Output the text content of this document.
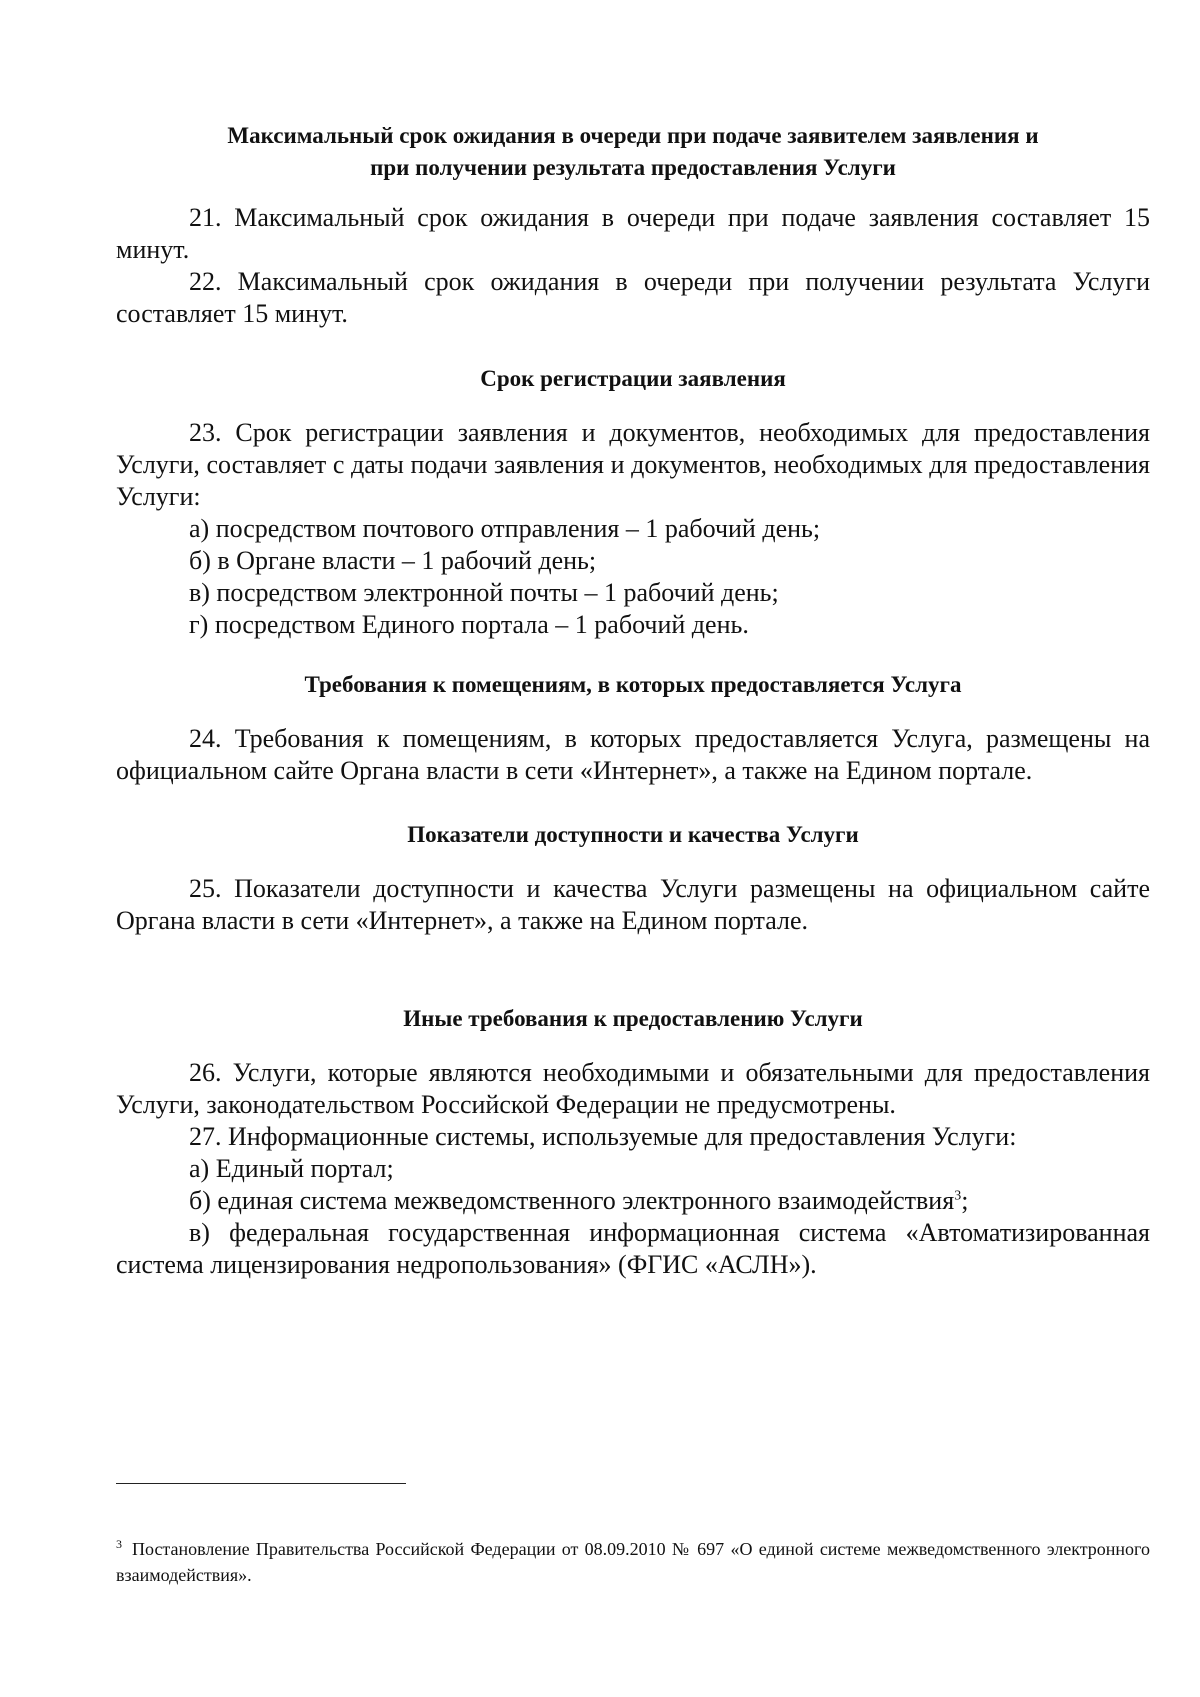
Максимальный срок ожидания в очереди при подаче заявителем заявления и
при получении результата предоставления Услуги

21. Максимальный срок ожидания в очереди при подаче заявления составляет 15 минут.

22. Максимальный срок ожидания в очереди при получении результата Услуги составляет 15 минут.

Срок регистрации заявления

23. Срок регистрации заявления и документов, необходимых для предоставления Услуги, составляет с даты подачи заявления и документов, необходимых для предоставления Услуги:

а) посредством почтового отправления – 1 рабочий день;

б) в Органе власти – 1 рабочий день;

в) посредством электронной почты – 1 рабочий день;

г) посредством Единого портала – 1 рабочий день.

Требования к помещениям, в которых предоставляется Услуга

24. Требования к помещениям, в которых предоставляется Услуга, размещены на официальном сайте Органа власти в сети «Интернет», а также на Едином портале.

Показатели доступности и качества Услуги

25. Показатели доступности и качества Услуги размещены на официальном сайте Органа власти в сети «Интернет», а также на Едином портале.

Иные требования к предоставлению Услуги

26. Услуги, которые являются необходимыми и обязательными для предоставления Услуги, законодательством Российской Федерации не предусмотрены.

27. Информационные системы, используемые для предоставления Услуги:

а) Единый портал;

б) единая система межведомственного электронного взаимодействия$^3$;

в) федеральная государственная информационная система «Автоматизированная система лицензирования недропользования» (ФГИС «АСЛН»).

$^3$ Постановление Правительства Российской Федерации от 08.09.2010 № 697 «О единой системе межведомственного электронного взаимодействия».
